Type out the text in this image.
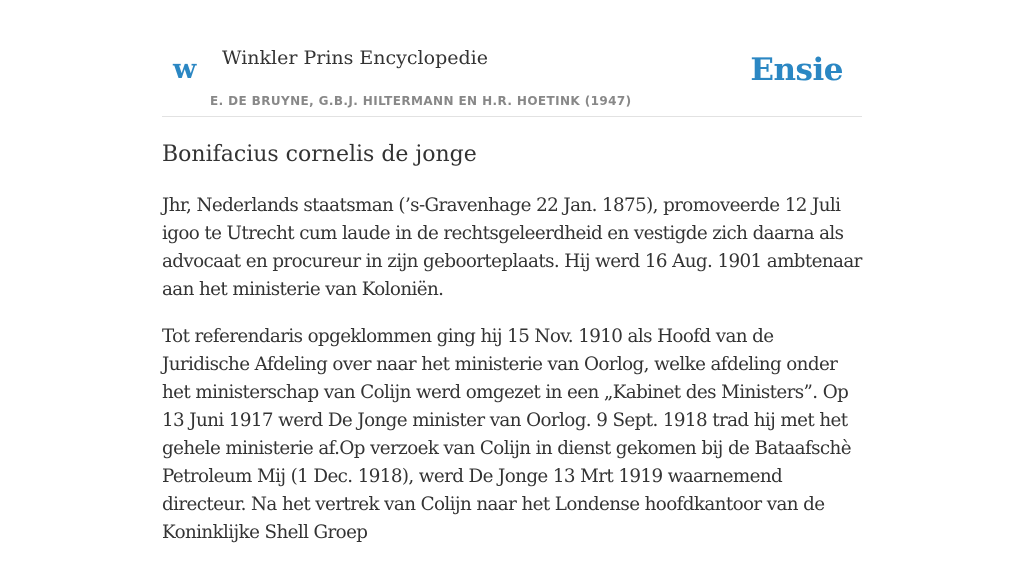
w Winkler Prins Encyclopedie
E. DE BRUYNE, G.B.J. HILTERMANN EN H.R. HOETINK (1947)
Ensie
Bonifacius cornelis de jonge

Jhr, Nederlands staatsman (’s-Gravenhage 22 Jan. 1875), promoveerde 12 Juli igoo te Utrecht cum laude in de rechtsgeleerdheid en vestigde zich daarna als advocaat en procureur in zijn geboorteplaats. Hij werd 16 Aug. 1901 ambtenaar aan het ministerie van Koloniën.

Tot referendaris opgeklommen ging hij 15 Nov. 1910 als Hoofd van de Juridische Afdeling over naar het ministerie van Oorlog, welke afdeling onder het ministerschap van Colijn werd omgezet in een „Kabinet des Ministers”. Op 13 Juni 1917 werd De Jonge minister van Oorlog. 9 Sept. 1918 trad hij met het gehele ministerie af.Op verzoek van Colijn in dienst gekomen bij de Bataafschè Petroleum Mij (1 Dec. 1918), werd De Jonge 13 Mrt 1919 waarnemend directeur. Na het vertrek van Colijn naar het Londense hoofdkantoor van de Koninklijke Shell Groep
